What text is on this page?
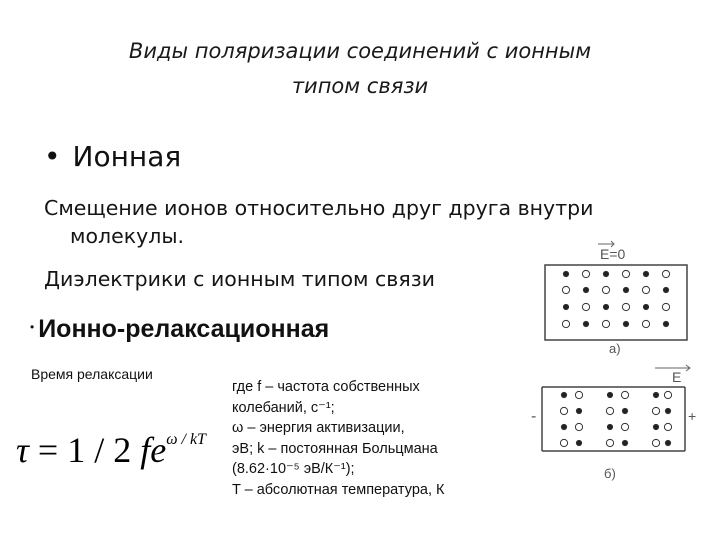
Виды поляризации соединений с ионным
типом связи
• Ионная
Смещение ионов относительно друг друга внутри
молекулы.
Диэлектрики с ионным типом связи
• Ионно-релаксационная
Время релаксации
τ = 1 / 2 $fe^{\omega / kT}$
где f – частота собственных
колебаний, с⁻¹;
ω – энергия активизации,
эВ; k – постоянная Больцмана
(8.62·10⁻⁵ эВ/К⁻¹);
T – абсолютная температура, К
E=0
а)
E
-	+
б)
